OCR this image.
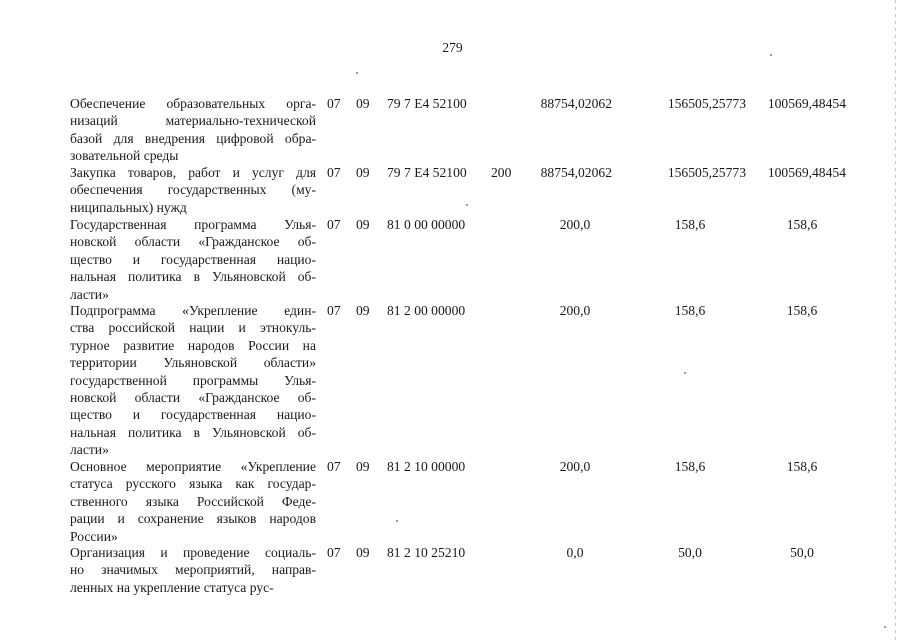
279
Обеспечение образовательных орга-
низаций материально-технической
базой для внедрения цифровой обра-
зовательной среды
07 09 79 7 E4 52100	88754,02062	156505,25773	100569,48454
Закупка товаров, работ и услуг для
обеспечения государственных (му-
ниципальных) нужд
07 09 79 7 E4 52100 200	88754,02062	156505,25773	100569,48454
Государственная программа Улья-
новской области «Гражданское об-
щество и государственная нацио-
нальная политика в Ульяновской об-
ласти»
07 09 81 0 00 00000	200,0	158,6	158,6
Подпрограмма «Укрепление един-
ства российской нации и этнокуль-
турное развитие народов России на
территории Ульяновской области»
государственной программы Улья-
новской области «Гражданское об-
щество и государственная нацио-
нальная политика в Ульяновской об-
ласти»
07 09 81 2 00 00000	200,0	158,6	158,6
Основное мероприятие «Укрепление
статуса русского языка как государ-
ственного языка Российской Феде-
рации и сохранение языков народов
России»
07 09 81 2 10 00000	200,0	158,6	158,6
Организация и проведение социаль-
но значимых мероприятий, направ-
ленных на укрепление статуса рус-
07 09 81 2 10 25210	0,0	50,0	50,0
